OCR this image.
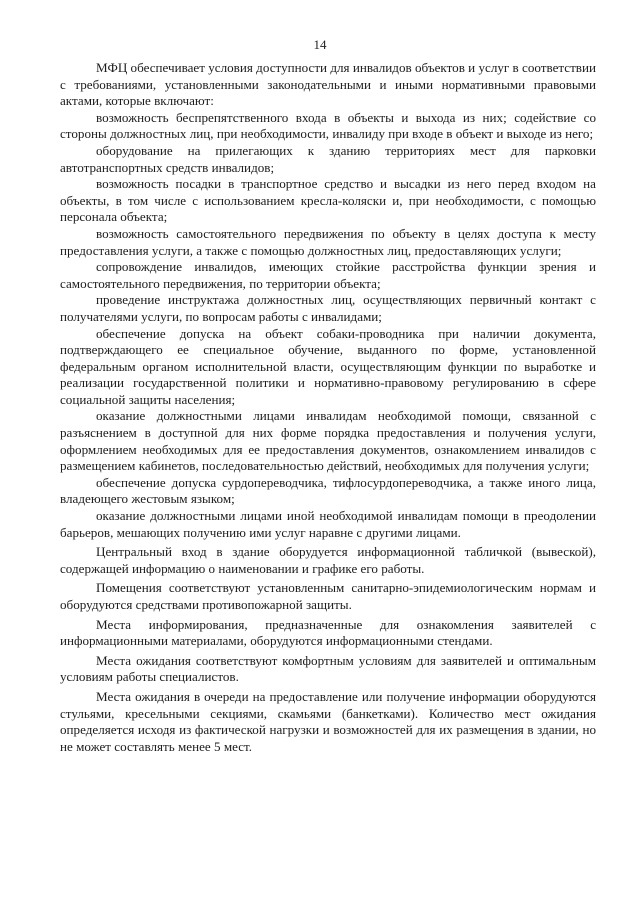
14

МФЦ обеспечивает условия доступности для инвалидов объектов и услуг в соответствии с требованиями, установленными законодательными и иными нормативными правовыми актами, которые включают:

возможность беспрепятственного входа в объекты и выхода из них; содействие со стороны должностных лиц, при необходимости, инвалиду при входе в объект и выходе из него;

оборудование на прилегающих к зданию территориях мест для парковки автотранспортных средств инвалидов;

возможность посадки в транспортное средство и высадки из него перед входом на объекты, в том числе с использованием кресла-коляски и, при необходимости, с помощью персонала объекта;

возможность самостоятельного передвижения по объекту в целях доступа к месту предоставления услуги, а также с помощью должностных лиц, предоставляющих услуги;

сопровождение инвалидов, имеющих стойкие расстройства функции зрения и самостоятельного передвижения, по территории объекта;

проведение инструктажа должностных лиц, осуществляющих первичный контакт с получателями услуги, по вопросам работы с инвалидами;

обеспечение допуска на объект собаки-проводника при наличии документа, подтверждающего ее специальное обучение, выданного по форме, установленной федеральным органом исполнительной власти, осуществляющим функции по выработке и реализации государственной политики и нормативно-правовому регулированию в сфере социальной защиты населения;

оказание должностными лицами инвалидам необходимой помощи, связанной с разъяснением в доступной для них форме порядка предоставления и получения услуги, оформлением необходимых для ее предоставления документов, ознакомлением инвалидов с размещением кабинетов, последовательностью действий, необходимых для получения услуги;

обеспечение допуска сурдопереводчика, тифлосурдопереводчика, а также иного лица, владеющего жестовым языком;

оказание должностными лицами иной необходимой инвалидам помощи в преодолении барьеров, мешающих получению ими услуг наравне с другими лицами.

Центральный вход в здание оборудуется информационной табличкой (вывеской), содержащей информацию о наименовании и графике его работы.

Помещения соответствуют установленным санитарно-эпидемиологическим нормам и оборудуются средствами противопожарной защиты.

Места информирования, предназначенные для ознакомления заявителей с информационными материалами, оборудуются информационными стендами.

Места ожидания соответствуют комфортным условиям для заявителей и оптимальным условиям работы специалистов.

Места ожидания в очереди на предоставление или получение информации оборудуются стульями, кресельными секциями, скамьями (банкетками). Количество мест ожидания определяется исходя из фактической нагрузки и возможностей для их размещения в здании, но не может составлять менее 5 мест.
